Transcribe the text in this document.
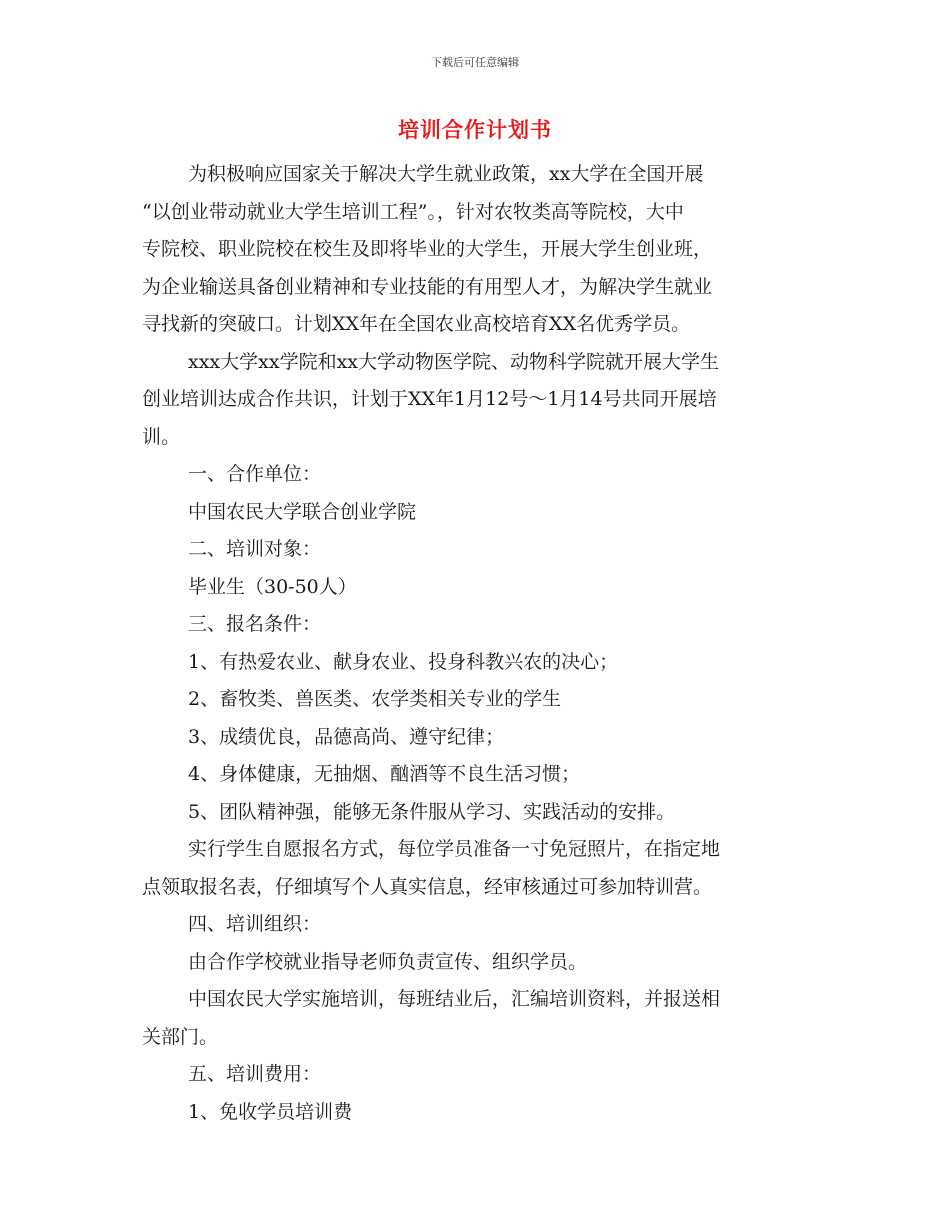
下载后可任意编辑
培训合作计划书
为积极响应国家关于解决大学生就业政策，xx大学在全国开展
“以创业带动就业大学生培训工程”。，针对农牧类高等院校，大中
专院校、职业院校在校生及即将毕业的大学生，开展大学生创业班，
为企业输送具备创业精神和专业技能的有用型人才，为解决学生就业
寻找新的突破口。计划XX年在全国农业高校培育XX名优秀学员。
xxx大学xx学院和xx大学动物医学院、动物科学院就开展大学生
创业培训达成合作共识，计划于XX年1月12号～1月14号共同开展培
训。
一、合作单位：
中国农民大学联合创业学院
二、培训对象：
毕业生（30-50人）
三、报名条件：
1、有热爱农业、献身农业、投身科教兴农的决心；
2、畜牧类、兽医类、农学类相关专业的学生
3、成绩优良，品德高尚、遵守纪律；
4、身体健康，无抽烟、酗酒等不良生活习惯；
5、团队精神强，能够无条件服从学习、实践活动的安排。
实行学生自愿报名方式，每位学员准备一寸免冠照片，在指定地
点领取报名表，仔细填写个人真实信息，经审核通过可参加特训营。
四、培训组织：
由合作学校就业指导老师负责宣传、组织学员。
中国农民大学实施培训，每班结业后，汇编培训资料，并报送相
关部门。
五、培训费用：
1、免收学员培训费
